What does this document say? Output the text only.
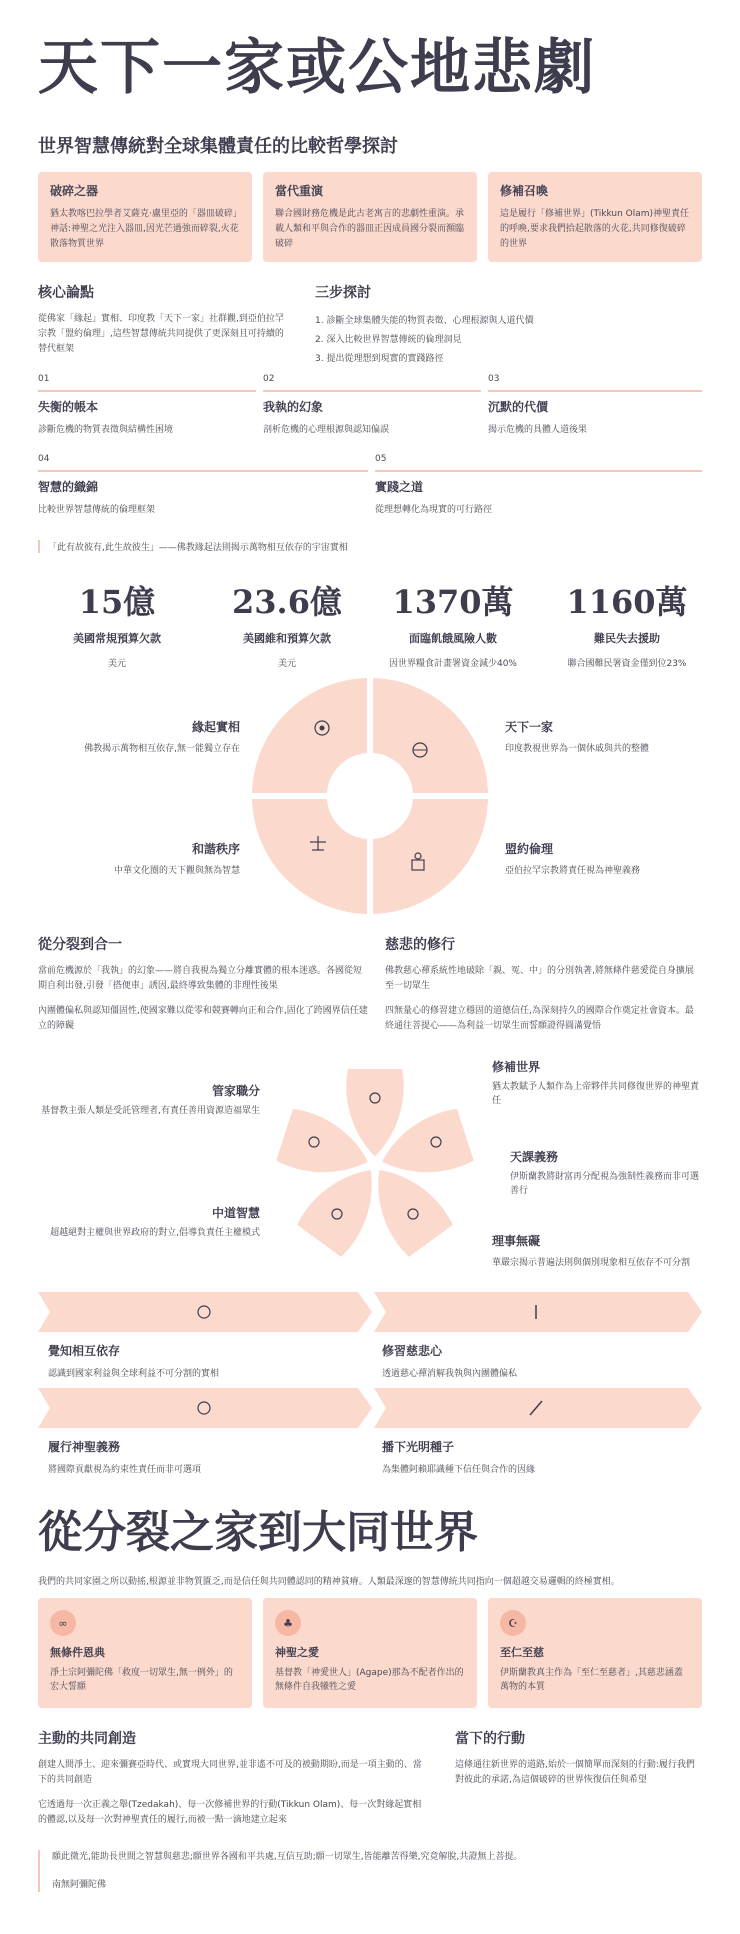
天下一家或公地悲劇
世界智慧傳統對全球集體責任的比較哲學探討
破碎之器
猶太教喀巴拉學者艾薩克·盧里亞的「器皿破碎」神話:神聖之光注入器皿,因光芒過強而碎裂,火花散落物質世界
當代重演
聯合國財務危機是此古老寓言的悲劇性重演。承載人類和平與合作的器皿正因成員國分裂而瀕臨破碎
修補召喚
這是履行「修補世界」(Tikkun Olam)神聖責任的呼喚,要求我們拾起散落的火花,共同修復破碎的世界
核心論點
從佛家「緣起」實相、印度教「天下一家」社群觀,到亞伯拉罕宗教「盟約倫理」,這些智慧傳統共同提供了更深刻且可持續的替代框架
三步探討
1. 診斷全球集體失能的物質表徵、心理根源與人道代價
2. 深入比較世界智慧傳統的倫理洞見
3. 提出從理想到現實的實踐路徑
01
失衡的帳本
診斷危機的物質表徵與結構性困境
02
我執的幻象
剖析危機的心理根源與認知偏誤
03
沉默的代價
揭示危機的具體人道後果
04
智慧的織錦
比較世界智慧傳統的倫理框架
05
實踐之道
從理想轉化為現實的可行路徑
「此有故彼有,此生故彼生」——佛教緣起法則揭示萬物相互依存的宇宙實相
15億
美國常規預算欠款
美元
23.6億
美國維和預算欠款
美元
1370萬
面臨飢餓風險人數
因世界糧食計畫署資金減少40%
1160萬
難民失去援助
聯合國難民署資金僅到位23%
緣起實相
佛教揭示萬物相互依存,無一能獨立存在
天下一家
印度教視世界為一個休戚與共的整體
和諧秩序
中華文化圈的天下觀與無為智慧
盟約倫理
亞伯拉罕宗教將責任視為神聖義務
從分裂到合一
當前危機源於「我執」的幻象——將自我視為獨立分離實體的根本迷惑。各國從短期自利出發,引發「搭便車」誘因,最終導致集體的非理性後果
內團體偏私與認知僵固性,使國家難以從零和競賽轉向正和合作,固化了跨國界信任建立的障礙
慈悲的修行
佛教慈心禪系統性地破除「親、冤、中」的分別執著,將無條件慈愛從自身擴展至一切眾生
四無量心的修習建立穩固的道德信任,為深刻持久的國際合作奠定社會資本。最終通往菩提心——為利益一切眾生而誓願證得圓滿覺悟
管家職分
基督教主張人類是受託管理者,有責任善用資源造福眾生
修補世界
猶太教賦予人類作為上帝夥伴共同修復世界的神聖責任
天課義務
伊斯蘭教將財富再分配視為強制性義務而非可選善行
中道智慧
超越絕對主權與世界政府的對立,倡導負責任主權模式
理事無礙
華嚴宗揭示普遍法則與個別現象相互依存不可分割
覺知相互依存
認識到國家利益與全球利益不可分割的實相
修習慈悲心
透過慈心禪消解我執與內團體偏私
履行神聖義務
將國際貢獻視為約束性責任而非可選項
播下光明種子
為集體阿賴耶識種下信任與合作的因緣
從分裂之家到大同世界
我們的共同家園之所以動搖,根源並非物質匱乏,而是信任與共同體認同的精神貧瘠。人類最深邃的智慧傳統共同指向一個超越交易邏輯的終極實相。
∞
無條件恩典
淨土宗阿彌陀佛「救度一切眾生,無一例外」的宏大誓願
♣
神聖之愛
基督教「神愛世人」(Agape)那為不配者作出的無條件自我犧牲之愛
☪
至仁至慈
伊斯蘭教真主作為「至仁至慈者」,其慈悲涵蓋萬物的本質
主動的共同創造
創建人間淨土、迎來彌賽亞時代、或實現大同世界,並非遙不可及的被動期盼,而是一項主動的、當下的共同創造
它透過每一次正義之舉(Tzedakah)、每一次修補世界的行動(Tikkun Olam)、每一次對緣起實相的體認,以及每一次對神聖責任的履行,而被一點一滴地建立起來
當下的行動
這條通往新世界的道路,始於一個簡單而深刻的行動:履行我們對彼此的承諾,為這個破碎的世界恢復信任與希望
願此微光,能助長世間之智慧與慈悲;願世界各國和平共處,互信互助;願一切眾生,皆能離苦得樂,究竟解脫,共證無上菩提。
南無阿彌陀佛
